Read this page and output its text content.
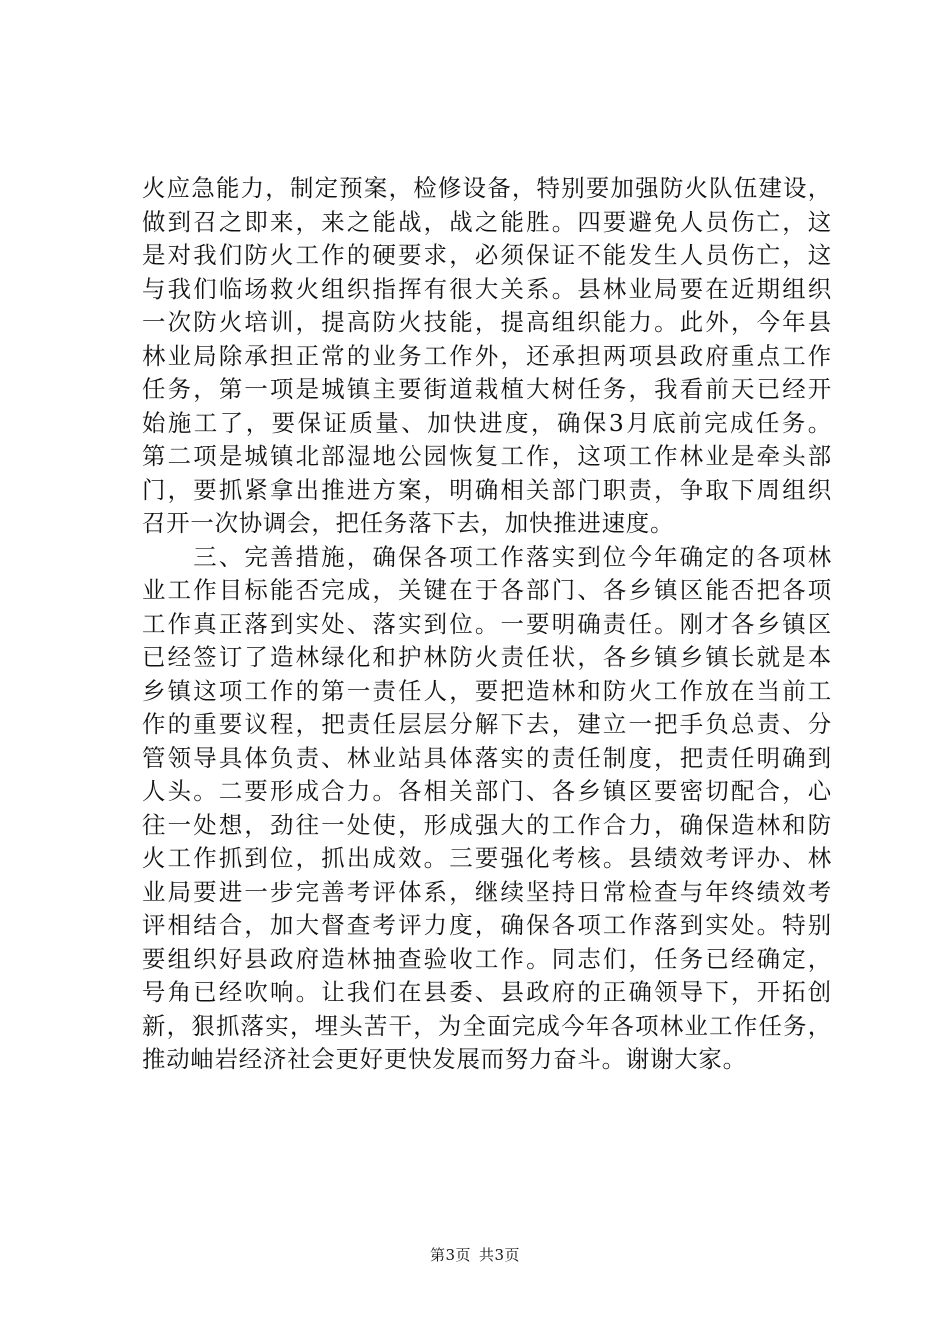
火应急能力，制定预案，检修设备，特别要加强防火队伍建设，
做到召之即来，来之能战，战之能胜。四要避免人员伤亡，这
是对我们防火工作的硬要求，必须保证不能发生人员伤亡，这
与我们临场救火组织指挥有很大关系。县林业局要在近期组织
一次防火培训，提高防火技能，提高组织能力。此外，今年县
林业局除承担正常的业务工作外，还承担两项县政府重点工作
任务，第一项是城镇主要街道栽植大树任务，我看前天已经开
始施工了，要保证质量、加快进度，确保3月底前完成任务。
第二项是城镇北部湿地公园恢复工作，这项工作林业是牵头部
门，要抓紧拿出推进方案，明确相关部门职责，争取下周组织
召开一次协调会，把任务落下去，加快推进速度。
　　三、完善措施，确保各项工作落实到位今年确定的各项林
业工作目标能否完成，关键在于各部门、各乡镇区能否把各项
工作真正落到实处、落实到位。一要明确责任。刚才各乡镇区
已经签订了造林绿化和护林防火责任状，各乡镇乡镇长就是本
乡镇这项工作的第一责任人，要把造林和防火工作放在当前工
作的重要议程，把责任层层分解下去，建立一把手负总责、分
管领导具体负责、林业站具体落实的责任制度，把责任明确到
人头。二要形成合力。各相关部门、各乡镇区要密切配合，心
往一处想，劲往一处使，形成强大的工作合力，确保造林和防
火工作抓到位，抓出成效。三要强化考核。县绩效考评办、林
业局要进一步完善考评体系，继续坚持日常检查与年终绩效考
评相结合，加大督查考评力度，确保各项工作落到实处。特别
要组织好县政府造林抽查验收工作。同志们，任务已经确定，
号角已经吹响。让我们在县委、县政府的正确领导下，开拓创
新，狠抓落实，埋头苦干，为全面完成今年各项林业工作任务，
推动岫岩经济社会更好更快发展而努力奋斗。谢谢大家。
第3页 共3页
